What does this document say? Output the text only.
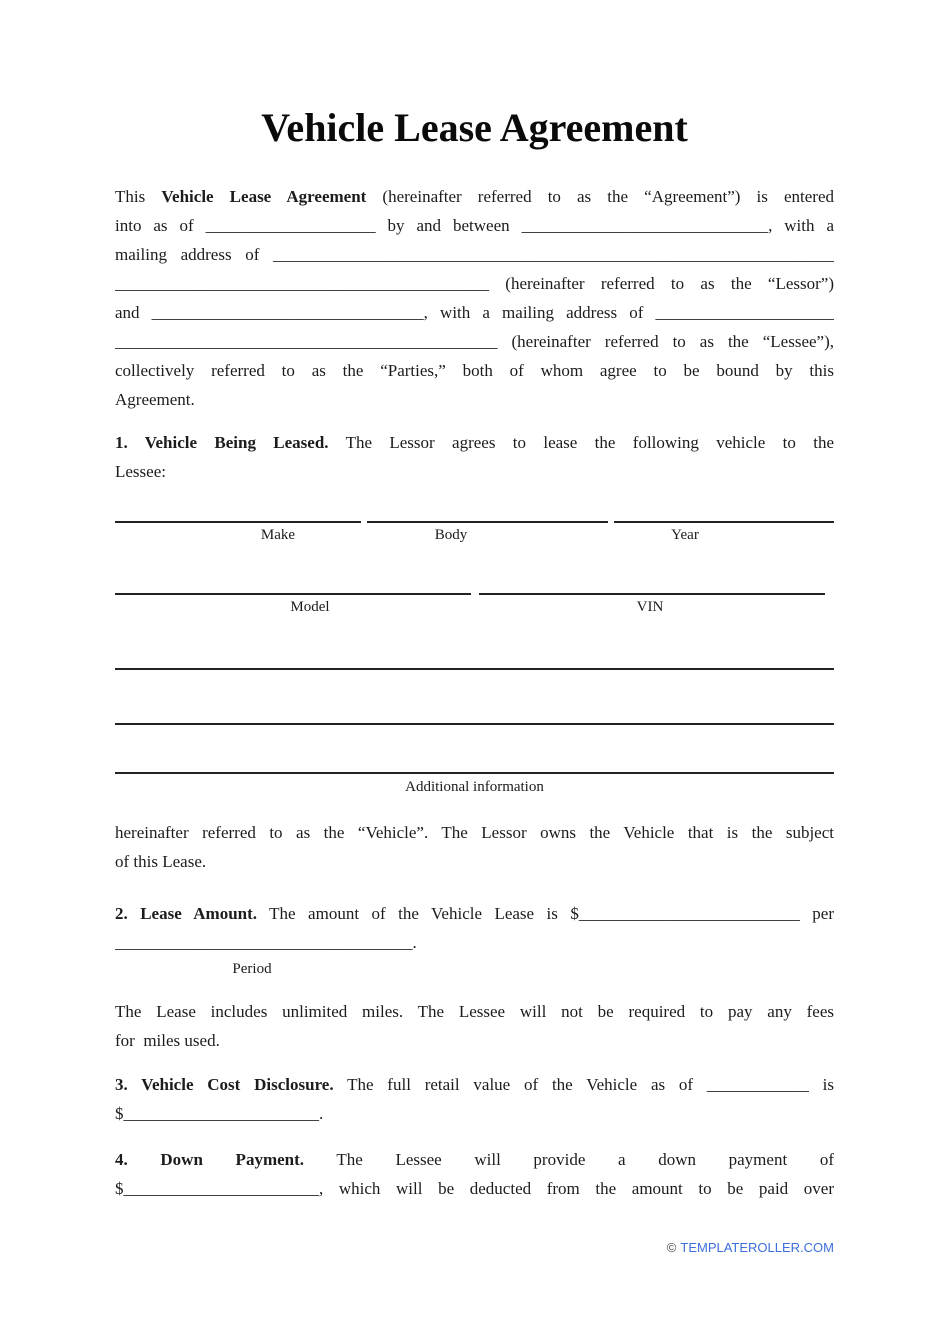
Vehicle Lease Agreement
This Vehicle Lease Agreement (hereinafter referred to as the “Agreement”) is entered
into as of ____________________ by and between _____________________________, with a
mailing address of __________________________________________________________________
____________________________________________ (hereinafter referred to as the “Lessor”)
and ________________________________, with a mailing address of _____________________
_____________________________________________ (hereinafter referred to as the “Lessee”),
collectively referred to as the “Parties,” both of whom agree to be bound by this
Agreement.
1. Vehicle Being Leased. The Lessor agrees to lease the following vehicle to the
Lessee:
Make	Body	Year
Model	VIN
Additional information
hereinafter referred to as the “Vehicle”. The Lessor owns the Vehicle that is the subject
of this Lease.
2. Lease Amount. The amount of the Vehicle Lease is $__________________________ per
___________________________________.
Period
The Lease includes unlimited miles. The Lessee will not be required to pay any fees
for  miles used.
3. Vehicle Cost Disclosure. The full retail value of the Vehicle as of ____________ is
$_______________________.
4. Down Payment. The Lessee will provide a down payment of
$_______________________, which will be deducted from the amount to be paid over
© TEMPLATEROLLER.COM
